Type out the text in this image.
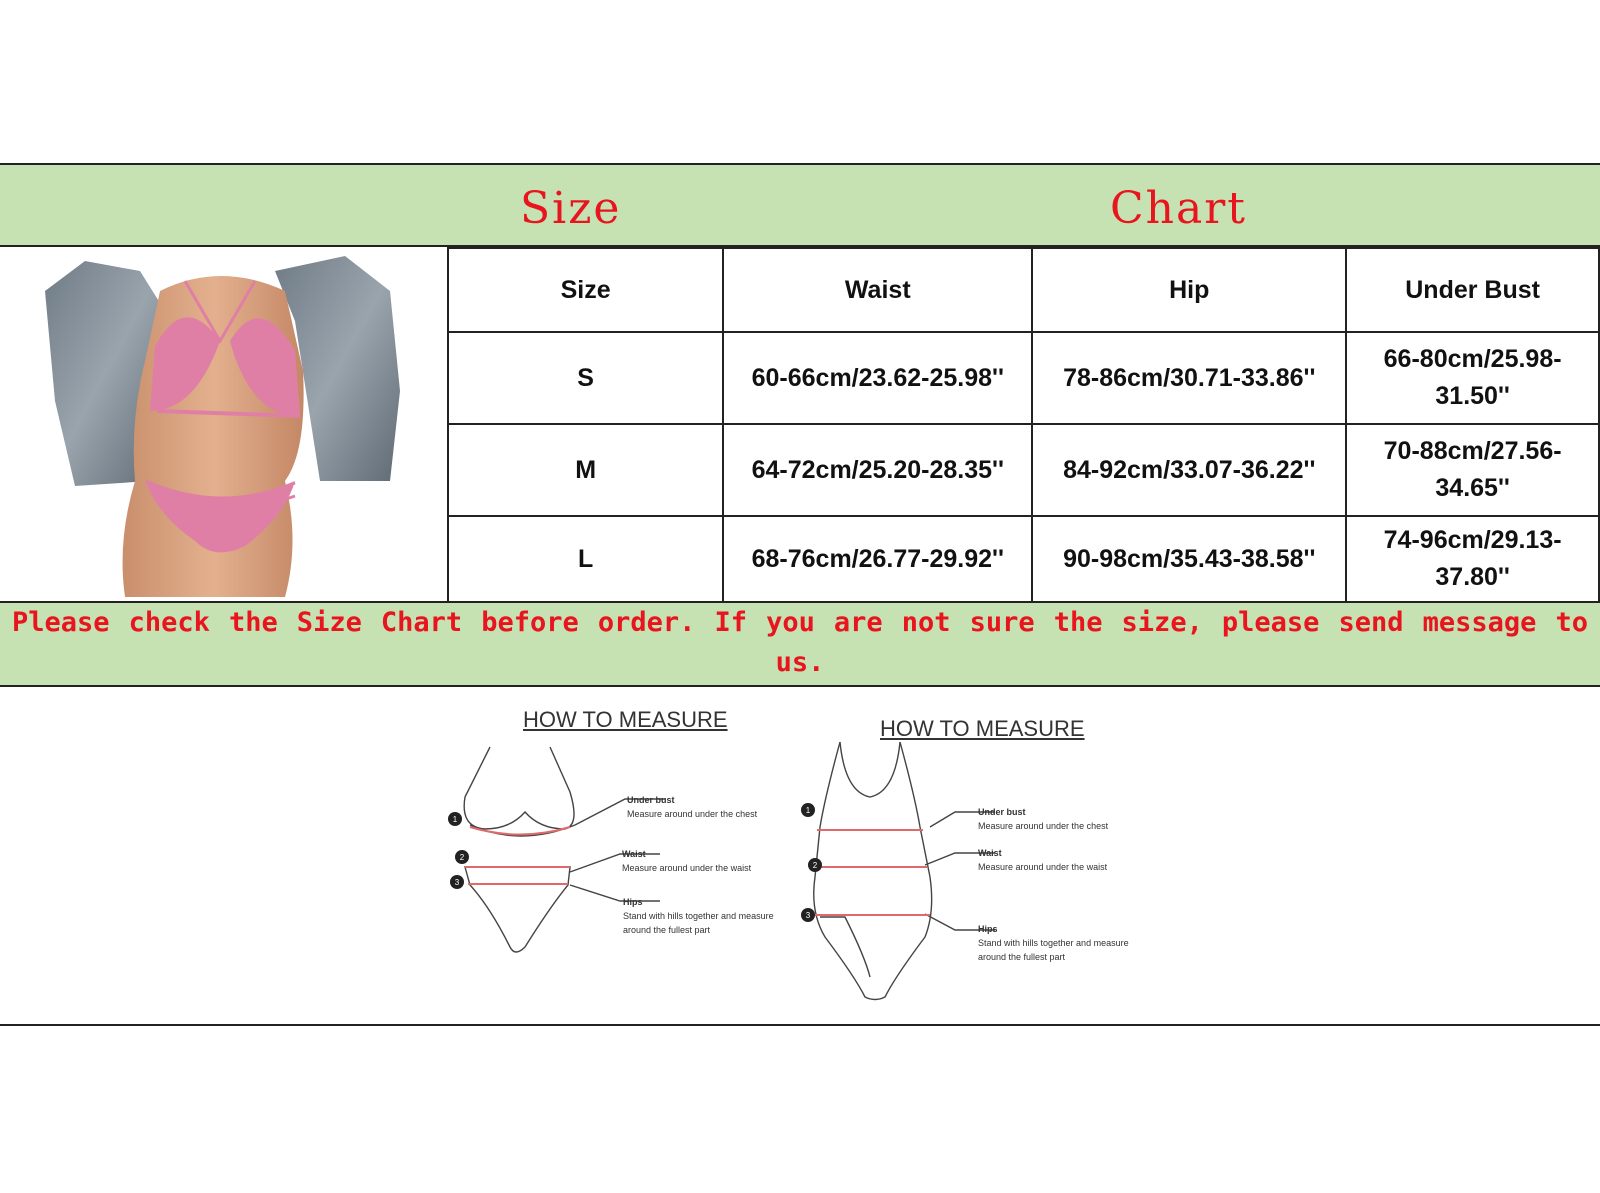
Size	Chart
Size	Waist	Hip	Under Bust
S	60-66cm/23.62-25.98''	78-86cm/30.71-33.86''	66-80cm/25.98-
31.50''
M	64-72cm/25.20-28.35''	84-92cm/33.07-36.22''	70-88cm/27.56-
34.65''
L	68-76cm/26.77-29.92''	90-98cm/35.43-38.58''	74-96cm/29.13-
37.80''
Please check the Size Chart before order. If you are not sure the size, please send message to us.
HOW TO MEASURE	HOW TO MEASURE
1
2
3
Under bust
Measure around under the chest
Waist
Measure around under the waist
Hips
Stand with hills together and measure
around the fullest part
1
2
3
Under bust
Measure around under the chest
Waist
Measure around under the waist
Hips
Stand with hills together and measure
around the fullest part
